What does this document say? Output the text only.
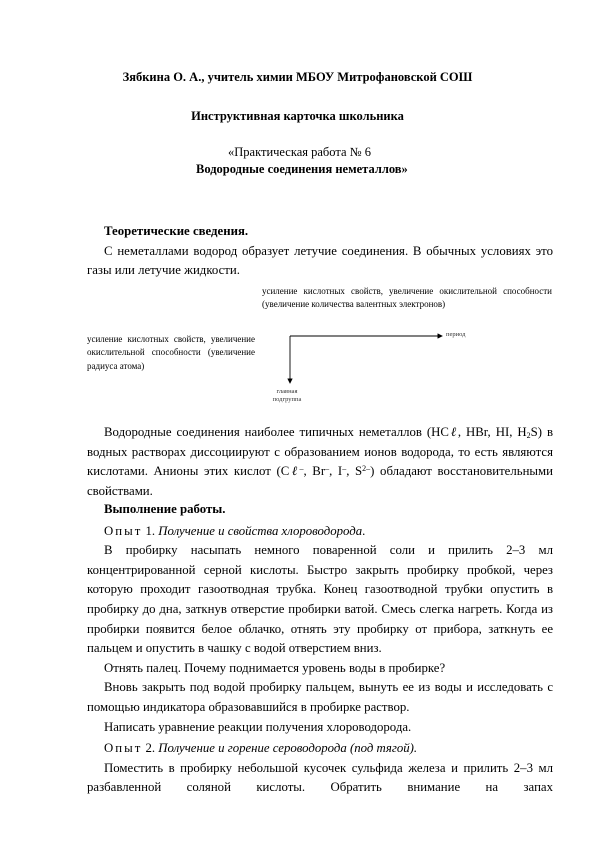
Зябкина О. А., учитель химии МБОУ Митрофановской СОШ
Инструктивная карточка школьника
«Практическая работа № 6
Водородные соединения неметаллов»

Теоретические сведения.

С неметаллами водород образует летучие соединения. В обычных условиях это газы или летучие жидкости.

усиление кислотных свойств, увеличение окислительной способности (увеличение количества валентных электронов)
усиление кислотных свойств, увеличение окислительной способности (увеличение радиуса атома)
период
главная подгруппа

Водородные соединения наиболее типичных неметаллов (HCℓ, HBr, HI, $H_2S$) в водных растворах диссоциируют с образованием ионов водорода, то есть являются кислотами. Анионы этих кислот (Cℓ–, Br–, I–, $S^{2-}$) обладают восстановительными свойствами.

Выполнение работы.

Опыт 1. Получение и свойства хлороводорода.

В пробирку насыпать немного поваренной соли и прилить 2–3 мл концентрированной серной кислоты. Быстро закрыть пробирку пробкой, через которую проходит газоотводная трубка. Конец газоотводной трубки опустить в пробирку до дна, заткнув отверстие пробирки ватой. Смесь слегка нагреть. Когда из пробирки появится белое облачко, отнять эту пробирку от прибора, заткнуть ее пальцем и опустить в чашку с водой отверстием вниз.

Отнять палец. Почему поднимается уровень воды в пробирке?

Вновь закрыть под водой пробирку пальцем, вынуть ее из воды и исследовать с помощью индикатора образовавшийся в пробирке раствор.

Написать уравнение реакции получения хлороводорода.

Опыт 2. Получение и горение сероводорода (под тягой).

Поместить в пробирку небольшой кусочек сульфида железа и прилить 2–3 мл разбавленной соляной кислоты. Обратить внимание на запах
